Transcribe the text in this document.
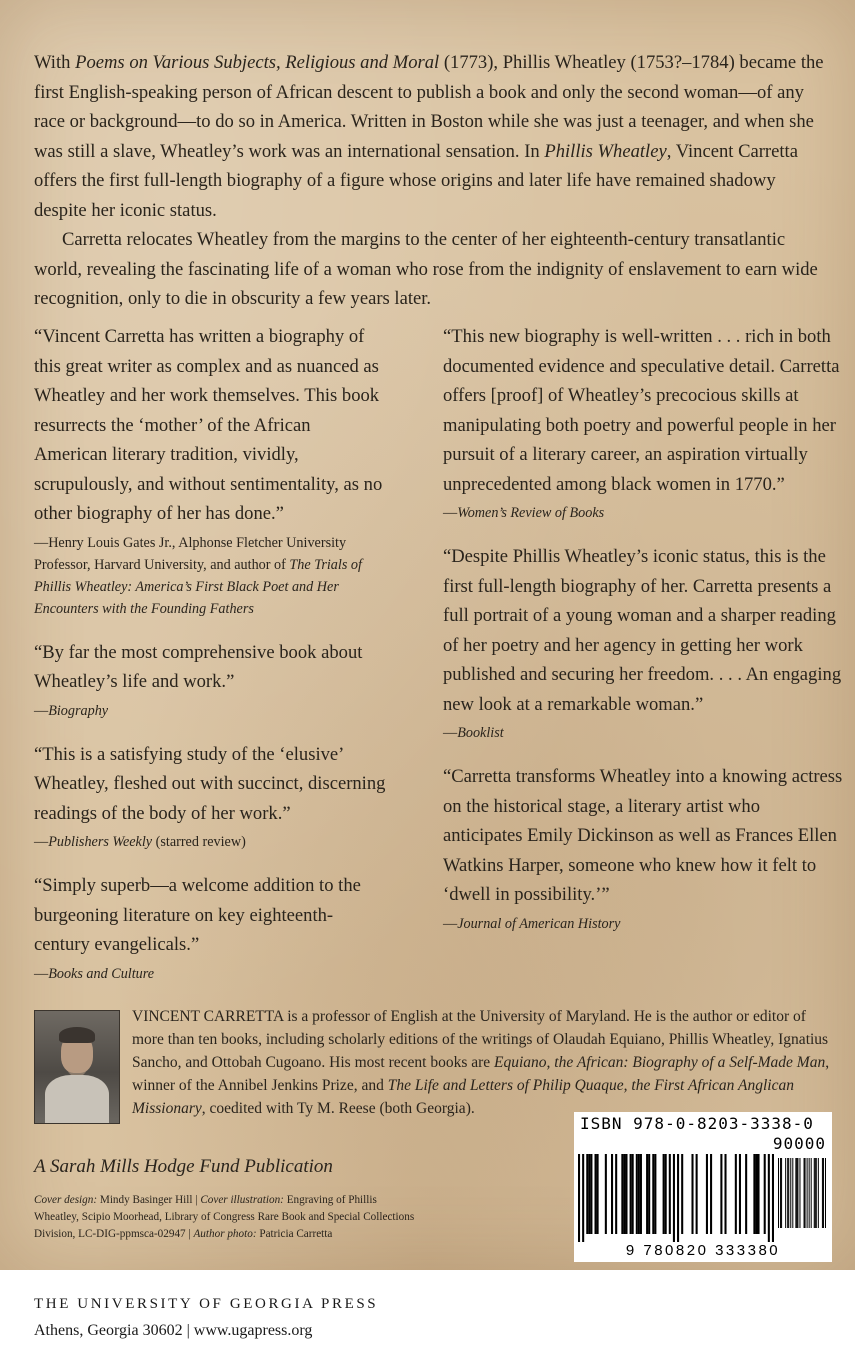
With Poems on Various Subjects, Religious and Moral (1773), Phillis Wheatley (1753?–1784) became the first English-speaking person of African descent to publish a book and only the second woman—of any race or background—to do so in America. Written in Boston while she was just a teenager, and when she was still a slave, Wheatley’s work was an international sensation. In Phillis Wheatley, Vincent Carretta offers the first full-length biography of a figure whose origins and later life have remained shadowy despite her iconic status.

Carretta relocates Wheatley from the margins to the center of her eighteenth-century transatlantic world, revealing the fascinating life of a woman who rose from the indignity of enslavement to earn wide recognition, only to die in obscurity a few years later.

“Vincent Carretta has written a biography of this great writer as complex and as nuanced as Wheatley and her work themselves. This book resurrects the ‘mother’ of the African American literary tradition, vividly, scrupulously, and without sentimentality, as no other biography of her has done.”

—Henry Louis Gates Jr., Alphonse Fletcher University Professor, Harvard University, and author of The Trials of Phillis Wheatley: America’s First Black Poet and Her Encounters with the Founding Fathers

“By far the most comprehensive book about Wheatley’s life and work.”

—Biography

“This is a satisfying study of the ‘elusive’ Wheatley, fleshed out with succinct, discerning readings of the body of her work.”

—Publishers Weekly (starred review)

“Simply superb—a welcome addition to the burgeoning literature on key eighteenth-century evangelicals.”

—Books and Culture

“This new biography is well-written . . . rich in both documented evidence and speculative detail. Carretta offers [proof] of Wheatley’s precocious skills at manipulating both poetry and powerful people in her pursuit of a literary career, an aspiration virtually unprecedented among black women in 1770.”

—Women’s Review of Books

“Despite Phillis Wheatley’s iconic status, this is the first full-length biography of her. Carretta presents a full portrait of a young woman and a sharper reading of her poetry and her agency in getting her work published and securing her freedom. . . . An engaging new look at a remarkable woman.”

—Booklist

“Carretta transforms Wheatley into a knowing actress on the historical stage, a literary artist who anticipates Emily Dickinson as well as Frances Ellen Watkins Harper, someone who knew how it felt to ‘dwell in possibility.’”

—Journal of American History

VINCENT CARRETTA is a professor of English at the University of Maryland. He is the author or editor of more than ten books, including scholarly editions of the writings of Olaudah Equiano, Phillis Wheatley, Ignatius Sancho, and Ottobah Cugoano. His most recent books are Equiano, the African: Biography of a Self-Made Man, winner of the Annibel Jenkins Prize, and The Life and Letters of Philip Quaque, the First African Anglican Missionary, coedited with Ty M. Reese (both Georgia).

A Sarah Mills Hodge Fund Publication

Cover design: Mindy Basinger Hill | Cover illustration: Engraving of Phillis Wheatley, Scipio Moorhead, Library of Congress Rare Book and Special Collections Division, LC-DIG-ppmsca-02947 | Author photo: Patricia Carretta

ISBN 978-0-8203-3338-0
90000
9 780820 333380

THE UNIVERSITY OF GEORGIA PRESS

Athens, Georgia 30602 | www.ugapress.org
